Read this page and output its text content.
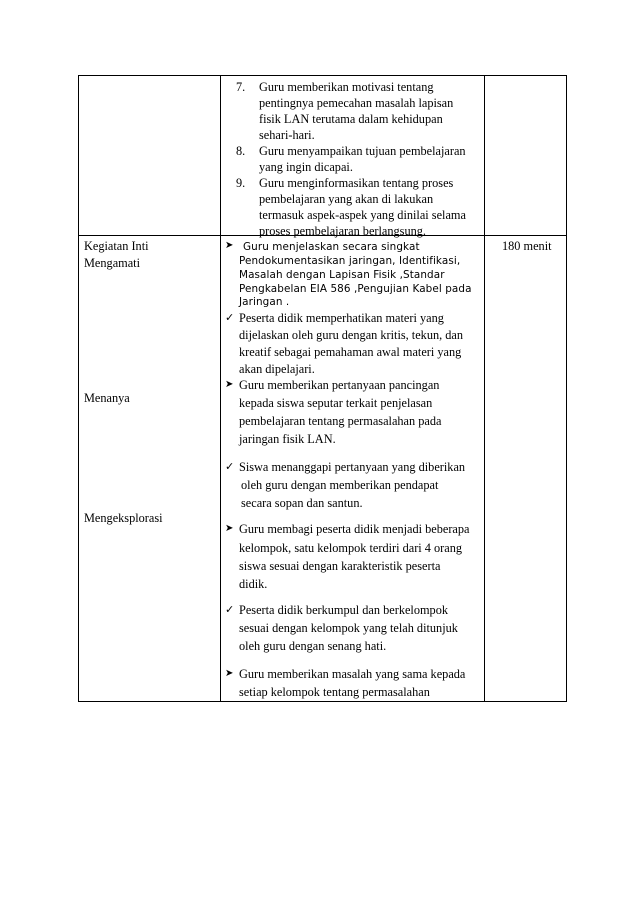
7. Guru memberikan motivasi tentang
pentingnya pemecahan masalah lapisan
fisik LAN terutama dalam kehidupan
sehari-hari.
8. Guru menyampaikan tujuan pembelajaran
yang ingin dicapai.
9. Guru menginformasikan tentang proses
pembelajaran yang akan di lakukan
termasuk aspek-aspek yang dinilai selama
proses pembelajaran berlangsung.
Kegiatan Inti
Mengamati
Menanya
Mengeksplorasi
180 menit
➤ Guru menjelaskan secara singkat
Pendokumentasikan jaringan, Identifikasi,
Masalah dengan Lapisan Fisik ,Standar
Pengkabelan EIA 586 ,Pengujian Kabel pada
Jaringan .
✓ Peserta didik memperhatikan materi yang
dijelaskan oleh guru dengan kritis, tekun, dan
kreatif sebagai pemahaman awal materi yang
akan dipelajari.
➤ Guru memberikan pertanyaan pancingan
kepada siswa seputar terkait penjelasan
pembelajaran tentang permasalahan pada
jaringan fisik LAN.
✓ Siswa menanggapi pertanyaan yang diberikan
oleh guru dengan memberikan pendapat
secara sopan dan santun.
➤ Guru membagi peserta didik menjadi beberapa
kelompok, satu kelompok terdiri dari 4 orang
siswa sesuai dengan karakteristik peserta
didik.
✓ Peserta didik berkumpul dan berkelompok
sesuai dengan kelompok yang telah ditunjuk
oleh guru dengan senang hati.
➤ Guru memberikan masalah yang sama kepada
setiap kelompok tentang permasalahan
